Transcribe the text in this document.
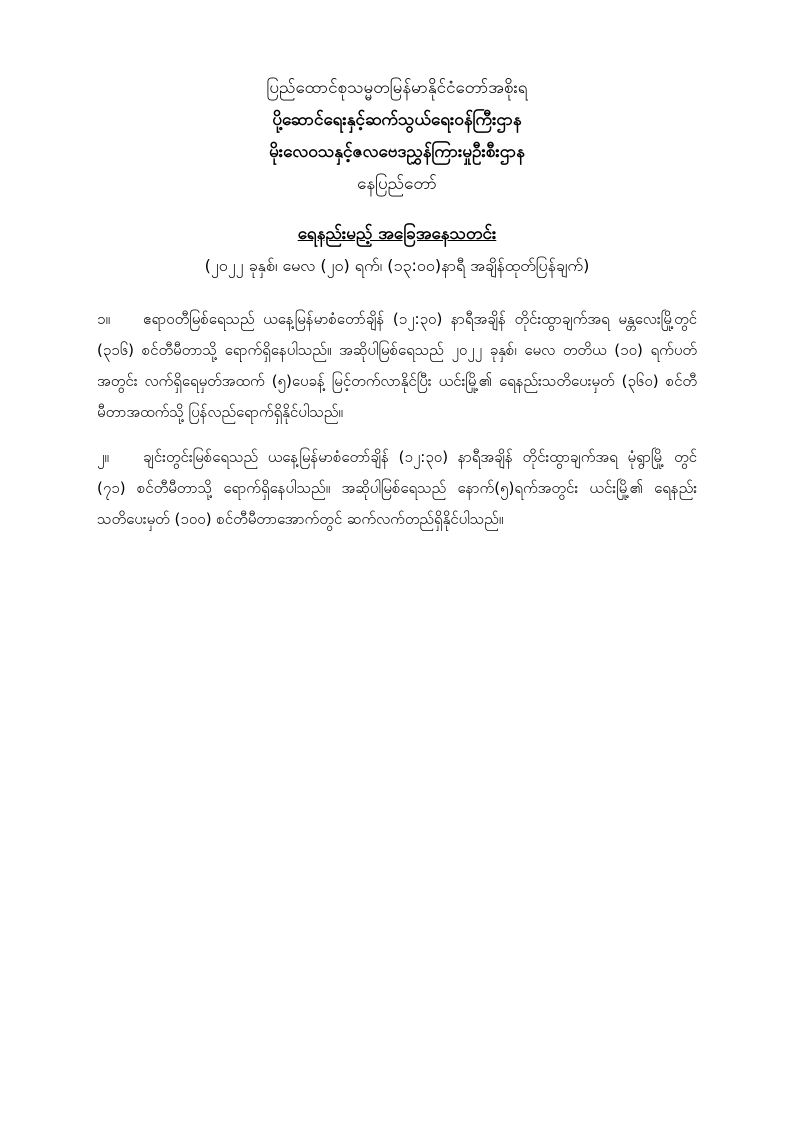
ပြည်ထောင်စုသမ္မတမြန်မာနိုင်ငံတော်အစိုးရ
ပို့ဆောင်ရေးနှင့်ဆက်သွယ်ရေးဝန်ကြီးဌာန
မိုးလေဝသနှင့်ဇလဗေဒညွှန်ကြားမှုဦးစီးဌာန
နေပြည်တော်
ရေနည်းမည့် အခြေအနေသတင်း
(၂၀၂၂ ခုနှစ်၊ မေလ (၂၀) ရက်၊ (၁၃:၀၀)နာရီ အချိန်ထုတ်ပြန်ချက်)
၁။ ဧရာဝတီမြစ်ရေသည် ယနေ့မြန်မာစံတော်ချိန် (၁၂:၃၀) နာရီအချိန် တိုင်းထွာချက်အရ မန္တလေးမြို့တွင် (၃၁၆) စင်တီမီတာသို့ ရောက်ရှိနေပါသည်။ အဆိုပါမြစ်ရေသည် ၂၀၂၂ ခုနှစ်၊ မေလ တတိယ (၁၀) ရက်ပတ်အတွင်း လက်ရှိရေမှတ်အထက် (၅)ပေခန့် မြင့်တက်လာနိုင်ပြီး ယင်းမြို့၏ ရေနည်းသတိပေးမှတ် (၃၆၀) စင်တီမီတာအထက်သို့ ပြန်လည်ရောက်ရှိနိုင်ပါသည်။
၂။ ချင်းတွင်းမြစ်ရေသည် ယနေ့မြန်မာစံတော်ချိန် (၁၂:၃၀) နာရီအချိန် တိုင်းထွာချက်အရ မုံရွာမြို့ တွင် (၇၁) စင်တီမီတာသို့ ရောက်ရှိနေပါသည်။ အဆိုပါမြစ်ရေသည် နောက်(၅)ရက်အတွင်း ယင်းမြို့၏ ရေနည်းသတိပေးမှတ် (၁၀၀) စင်တီမီတာအောက်တွင် ဆက်လက်တည်ရှိနိုင်ပါသည်။
